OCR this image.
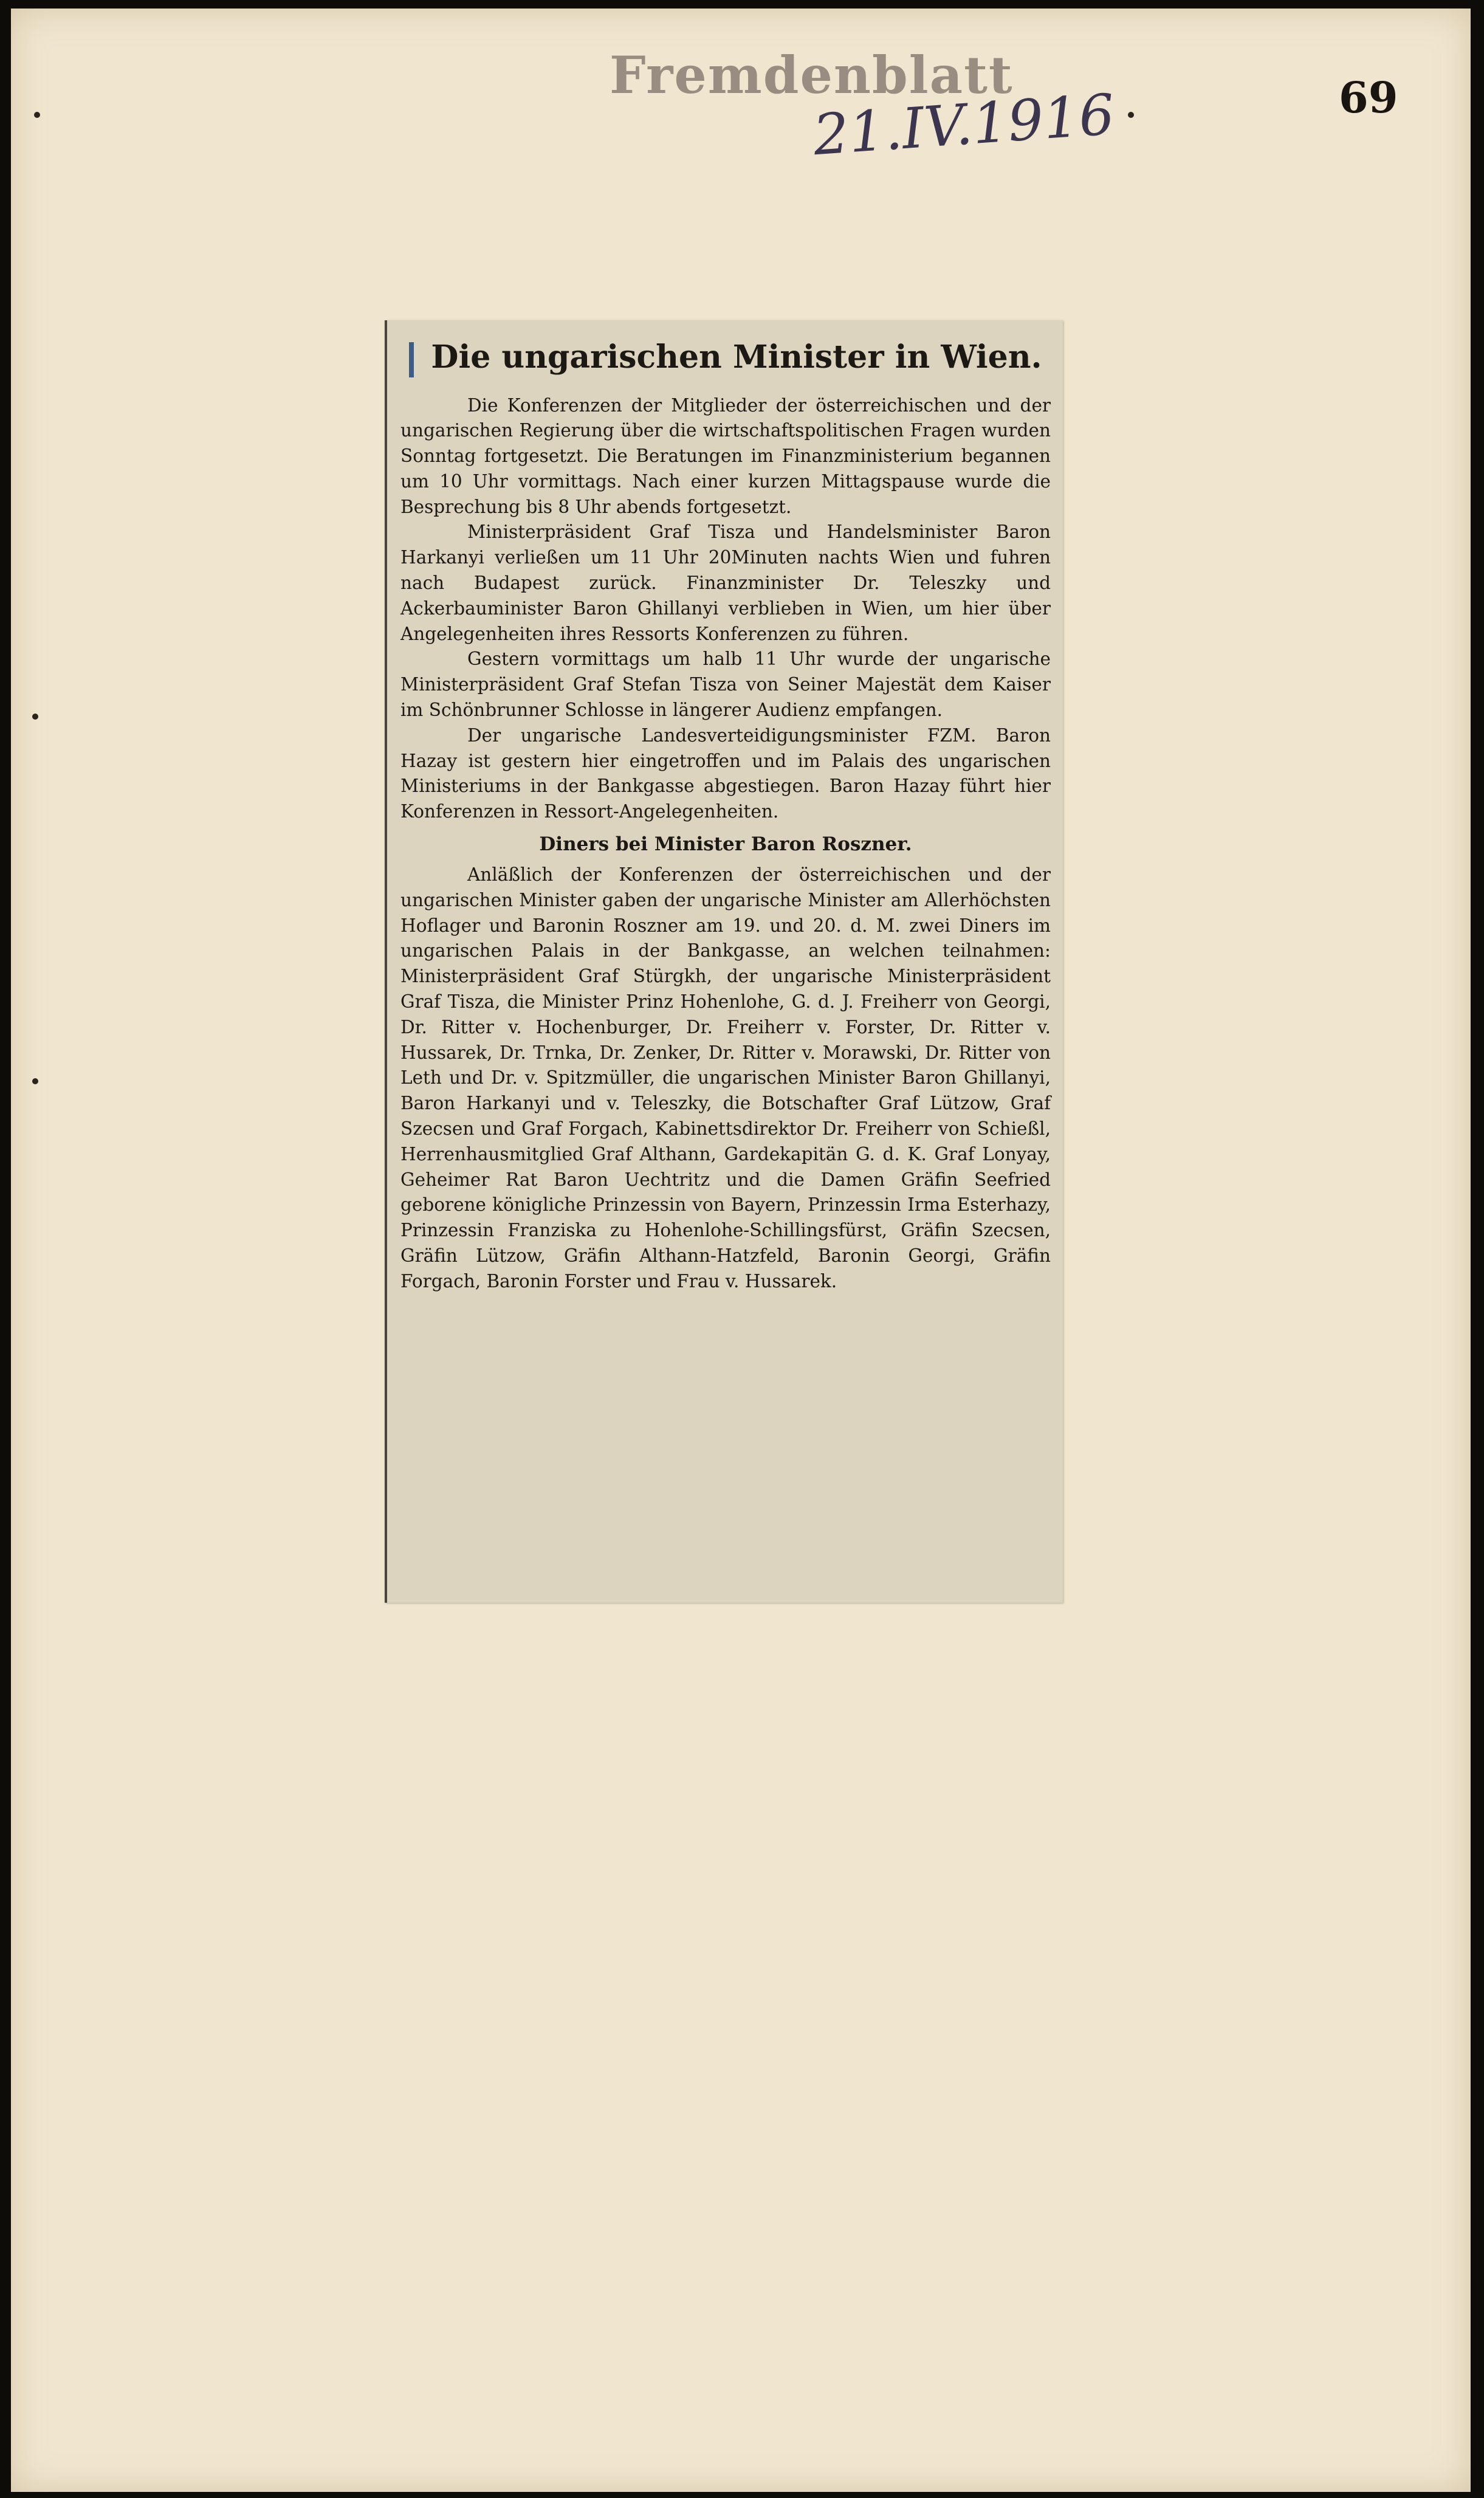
Fremdenblatt
21.IV.1916	69
Die ungarischen Minister in Wien.

Die Konferenzen der Mitglieder der österreichischen und der ungarischen Regierung über die wirtschaftspolitischen Fragen wurden Sonntag fortgesetzt. Die Beratungen im Finanzministerium begannen um 10 Uhr vormittags. Nach einer kurzen Mittagspause wurde die Besprechung bis 8 Uhr abends fortgesetzt.

Ministerpräsident Graf Tisza und Handelsminister Baron Harkanyi verließen um 11 Uhr 20Minuten nachts Wien und fuhren nach Budapest zurück. Finanzminister Dr. Teleszky und Ackerbauminister Baron Ghillanyi verblieben in Wien, um hier über Angelegenheiten ihres Ressorts Konferenzen zu führen.

Gestern vormittags um halb 11 Uhr wurde der ungarische Ministerpräsident Graf Stefan Tisza von Seiner Majestät dem Kaiser im Schönbrunner Schlosse in längerer Audienz empfangen.

Der ungarische Landesverteidigungsminister FZM. Baron Hazay ist gestern hier eingetroffen und im Palais des ungarischen Ministeriums in der Bankgasse abgestiegen. Baron Hazay führt hier Konferenzen in Ressort-Angelegenheiten.

Diners bei Minister Baron Roszner.

Anläßlich der Konferenzen der österreichischen und der ungarischen Minister gaben der ungarische Minister am Allerhöchsten Hoflager und Baronin Roszner am 19. und 20. d. M. zwei Diners im ungarischen Palais in der Bankgasse, an welchen teilnahmen: Ministerpräsident Graf Stürgkh, der ungarische Ministerpräsident Graf Tisza, die Minister Prinz Hohenlohe, G. d. J. Freiherr von Georgi, Dr. Ritter v. Hochenburger, Dr. Freiherr v. Forster, Dr. Ritter v. Hussarek, Dr. Trnka, Dr. Zenker, Dr. Ritter v. Morawski, Dr. Ritter von Leth und Dr. v. Spitzmüller, die ungarischen Minister Baron Ghillanyi, Baron Harkanyi und v. Teleszky, die Botschafter Graf Lützow, Graf Szecsen und Graf Forgach, Kabinettsdirektor Dr. Freiherr von Schießl, Herrenhausmitglied Graf Althann, Gardekapitän G. d. K. Graf Lonyay, Geheimer Rat Baron Uechtritz und die Damen Gräfin Seefried geborene königliche Prinzessin von Bayern, Prinzessin Irma Esterhazy, Prinzessin Franziska zu Hohenlohe-Schillingsfürst, Gräfin Szecsen, Gräfin Lützow, Gräfin Althann-Hatzfeld, Baronin Georgi, Gräfin Forgach, Baronin Forster und Frau v. Hussarek.
